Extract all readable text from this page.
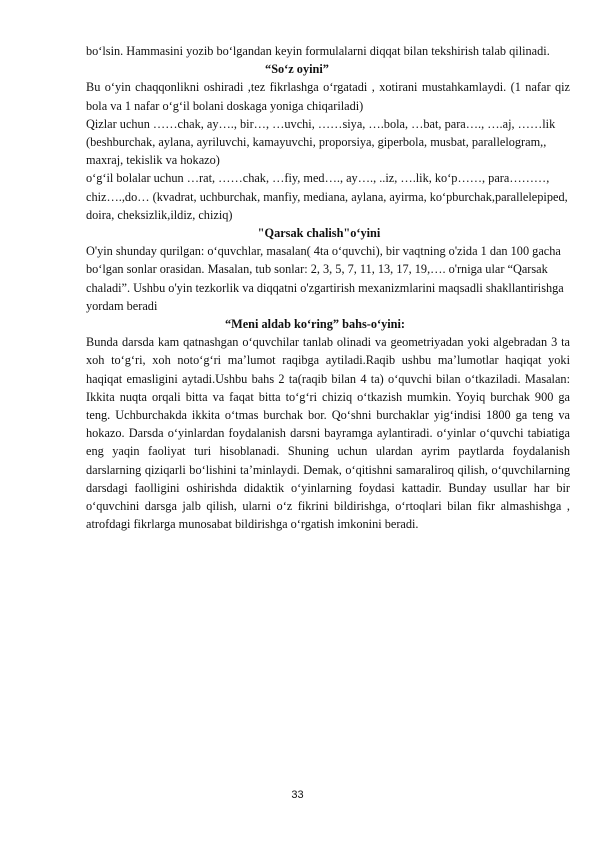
bo‘lsin. Hammasini yozib bo‘lgandan keyin formulalarni diqqat bilan tekshirish talab qilinadi.

“So‘z oyini”

Bu o‘yin chaqqonlikni oshiradi ,tez fikrlashga o‘rgatadi , xotirani mustahkamlaydi. (1 nafar qiz bola va 1 nafar o‘g‘il bolani doskaga yoniga chiqariladi)

Qizlar uchun ……chak, ay…., bir…, …uvchi, ……siya, ….bola, …bat, para…., ….aj, ……lik (beshburchak, aylana, ayriluvchi, kamayuvchi, proporsiya, giperbola, musbat, parallelogram,, maxraj, tekislik va hokazo)

o‘g‘il bolalar uchun …rat, ……chak, …fiy, med…., ay…., ..iz, ….lik, ko‘p……, para………, chiz….,do… (kvadrat, uchburchak, manfiy, mediana, aylana, ayirma, ko‘pburchak,parallelepiped, doira, cheksizlik,ildiz, chiziq)

"Qarsak chalish"o‘yini

O'yin shunday qurilgan: o‘quvchlar, masalan( 4ta o‘quvchi), bir vaqtning o'zida 1 dan 100 gacha bo‘lgan sonlar orasidan. Masalan, tub sonlar: 2, 3, 5, 7, 11, 13, 17, 19,…. o'rniga ular “Qarsak chaladi”. Ushbu o'yin tezkorlik va diqqatni o'zgartirish mexanizmlarini maqsadli shakllantirishga yordam beradi

“Meni aldab ko‘ring” bahs-o‘yini:

Bunda darsda kam qatnashgan o‘quvchilar tanlab olinadi va geometriyadan yoki algebradan 3 ta xoh to‘g‘ri, xoh noto‘g‘ri ma’lumot raqibga aytiladi.Raqib ushbu ma’lumotlar haqiqat yoki haqiqat emasligini aytadi.Ushbu bahs 2 ta(raqib bilan 4 ta) o‘quvchi bilan o‘tkaziladi. Masalan: Ikkita nuqta orqali bitta va faqat bitta to‘g‘ri chiziq o‘tkazish mumkin. Yoyiq burchak 900 ga teng. Uchburchakda ikkita o‘tmas burchak bor. Qo‘shni burchaklar yig‘indisi 1800 ga teng va hokazo. Darsda o‘yinlardan foydalanish darsni bayramga aylantiradi. o‘yinlar o‘quvchi tabiatiga eng yaqin faoliyat turi hisoblanadi. Shuning uchun ulardan ayrim paytlarda foydalanish darslarning qiziqarli bo‘lishini ta’minlaydi. Demak, o‘qitishni samaraliroq qilish, o‘quvchilarning darsdagi faolligini oshirishda didaktik o‘yinlarning foydasi kattadir. Bunday usullar har bir o‘quvchini darsga jalb qilish, ularni o‘z fikrini bildirishga, o‘rtoqlari bilan fikr almashishga , atrofdagi fikrlarga munosabat bildirishga o‘rgatish imkonini beradi.

33
